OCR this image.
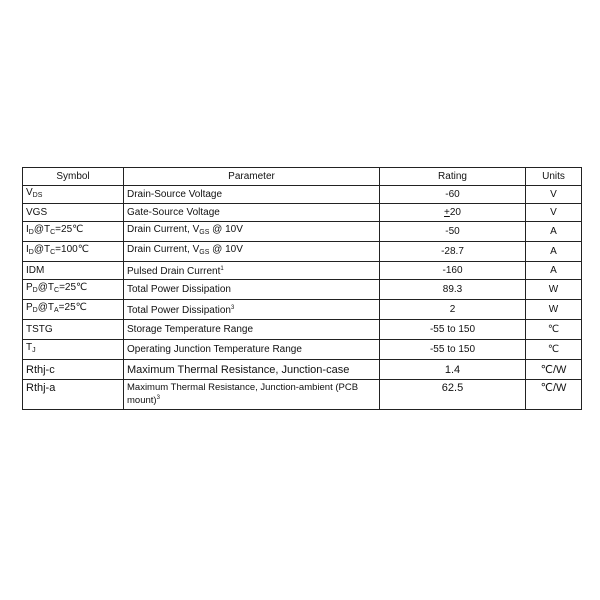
Symbol	Parameter	Rating	Units
$V_{DS}$	Drain-Source Voltage	-60	V
VGS	Gate-Source Voltage	+20	V
$I_D@T_C=25℃$	Drain Current, $V_{GS}$ @ 10V	-50	A
$I_D@T_C=100℃$	Drain Current, $V_{GS}$ @ 10V	-28.7	A
IDM	Pulsed Drain Current$^1$	-160	A
$P_D@T_C=25℃$	Total Power Dissipation	89.3	W
$P_D@T_A=25℃$	Total Power Dissipation$^3$	2	W
TSTG	Storage Temperature Range	-55 to 150	℃
$T_J$	Operating Junction Temperature Range	-55 to 150	℃
Rthj-c	Maximum Thermal Resistance, Junction-case	1.4	℃/W
Rthj-a	Maximum Thermal Resistance, Junction-ambient (PCB mount)$^3$	62.5	℃/W
